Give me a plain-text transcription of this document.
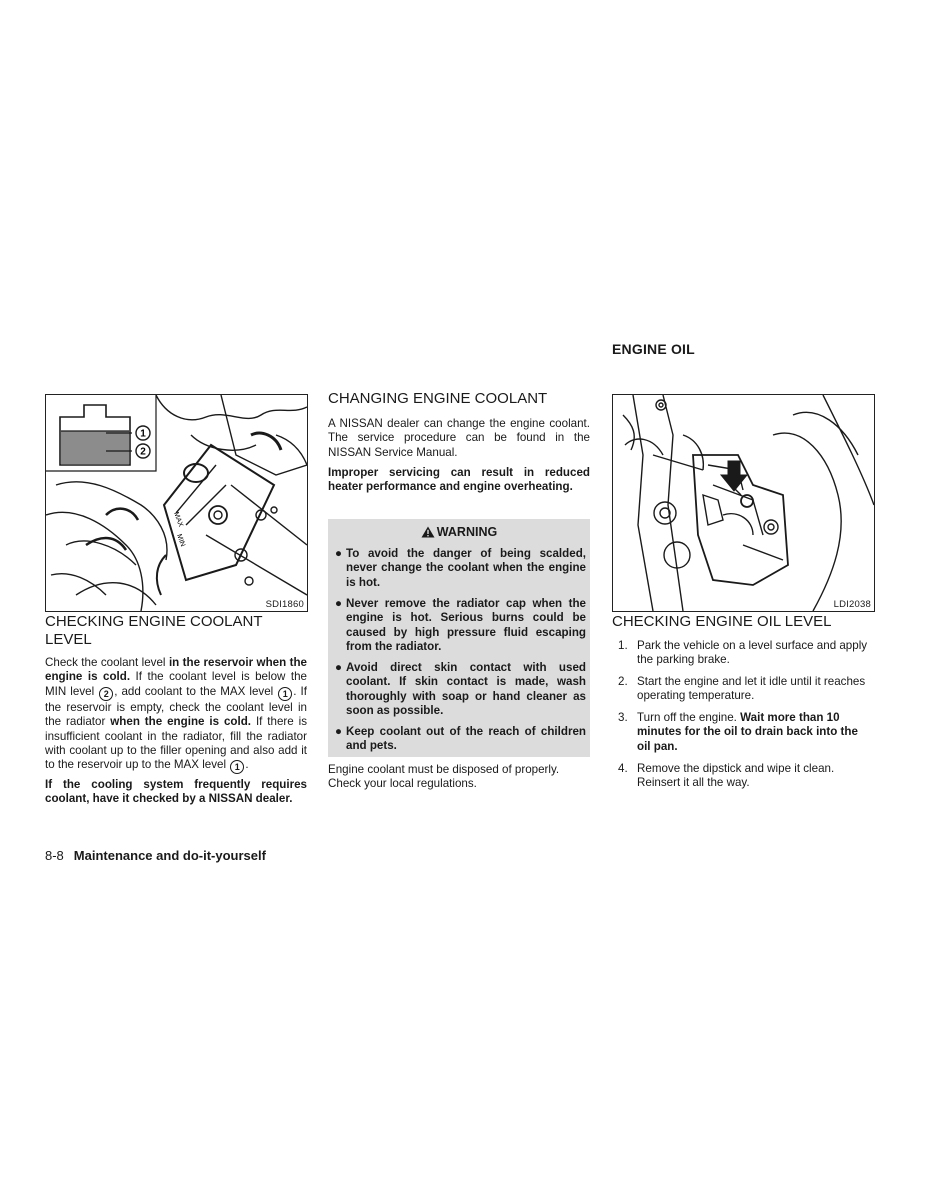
ENGINE OIL
MAX
MIN
1
2
SDI1860
CHECKING ENGINE COOLANT LEVEL

Check the coolant level in the reservoir when the engine is cold. If the coolant level is below the MIN level 2 , add coolant to the MAX level 1 . If the reservoir is empty, check the coolant level in the radiator when the engine is cold. If there is insufficient coolant in the radiator, fill the radiator with coolant up to the filler opening and also add it to the reservoir up to the MAX level 1 .

If the cooling system frequently requires coolant, have it checked by a NISSAN dealer.

CHANGING ENGINE COOLANT

A NISSAN dealer can change the engine coolant. The service procedure can be found in the NISSAN Service Manual.

Improper servicing can result in reduced heater performance and engine overheating.

WARNING
● To avoid the danger of being scalded, never change the coolant when the engine is hot.
● Never remove the radiator cap when the engine is hot. Serious burns could be caused by high pressure fluid escaping from the radiator.
● Avoid direct skin contact with used coolant. If skin contact is made, wash thoroughly with soap or hand cleaner as soon as possible.
● Keep coolant out of the reach of children and pets.

Engine coolant must be disposed of properly. Check your local regulations.

LDI2038
CHECKING ENGINE OIL LEVEL
1. Park the vehicle on a level surface and apply the parking brake.
2. Start the engine and let it idle until it reaches operating temperature.
3. Turn off the engine. Wait more than 10 minutes for the oil to drain back into the oil pan.
4. Remove the dipstick and wipe it clean. Reinsert it all the way.
8-8 Maintenance and do-it-yourself
